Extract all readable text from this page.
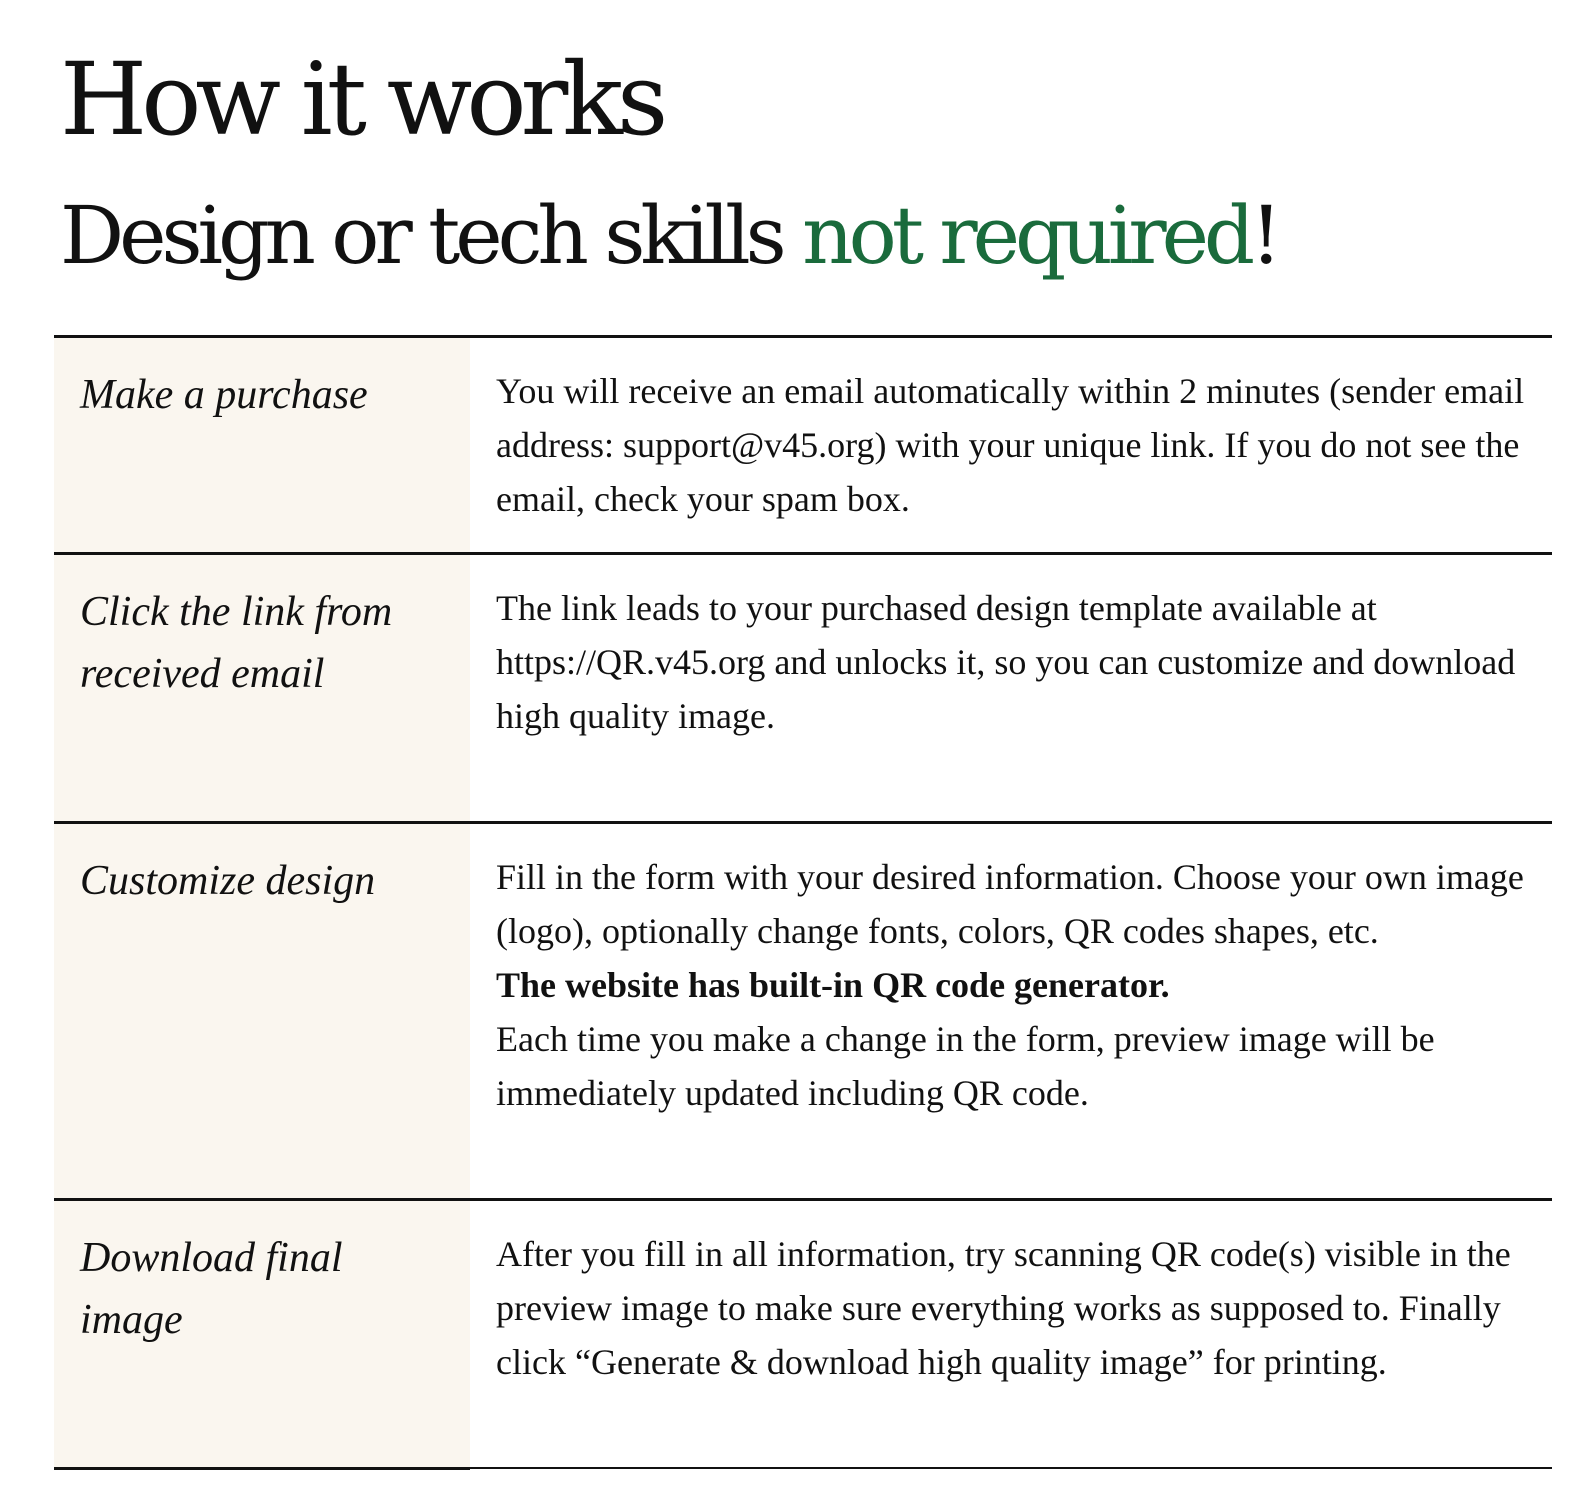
How it works
Design or tech skills not required!
Make a purchase	You will receive an email automatically within 2 minutes (sender email address: support@v45.org) with your unique link. If you do not see the email, check your spam box.
Click the link from received email
The link leads to your purchased design template available at https://QR.v45.org and unlocks it, so you can customize and download high quality image.
Customize design	Fill in the form with your desired information. Choose your own image (logo), optionally change fonts, colors, QR codes shapes, etc.

The website has built-in QR code generator.

Each time you make a change in the form, preview image will be immediately updated including QR code.

Download final image
After you fill in all information, try scanning QR code(s) visible in the preview image to make sure everything works as supposed to. Finally click “Generate & download high quality image” for printing.
